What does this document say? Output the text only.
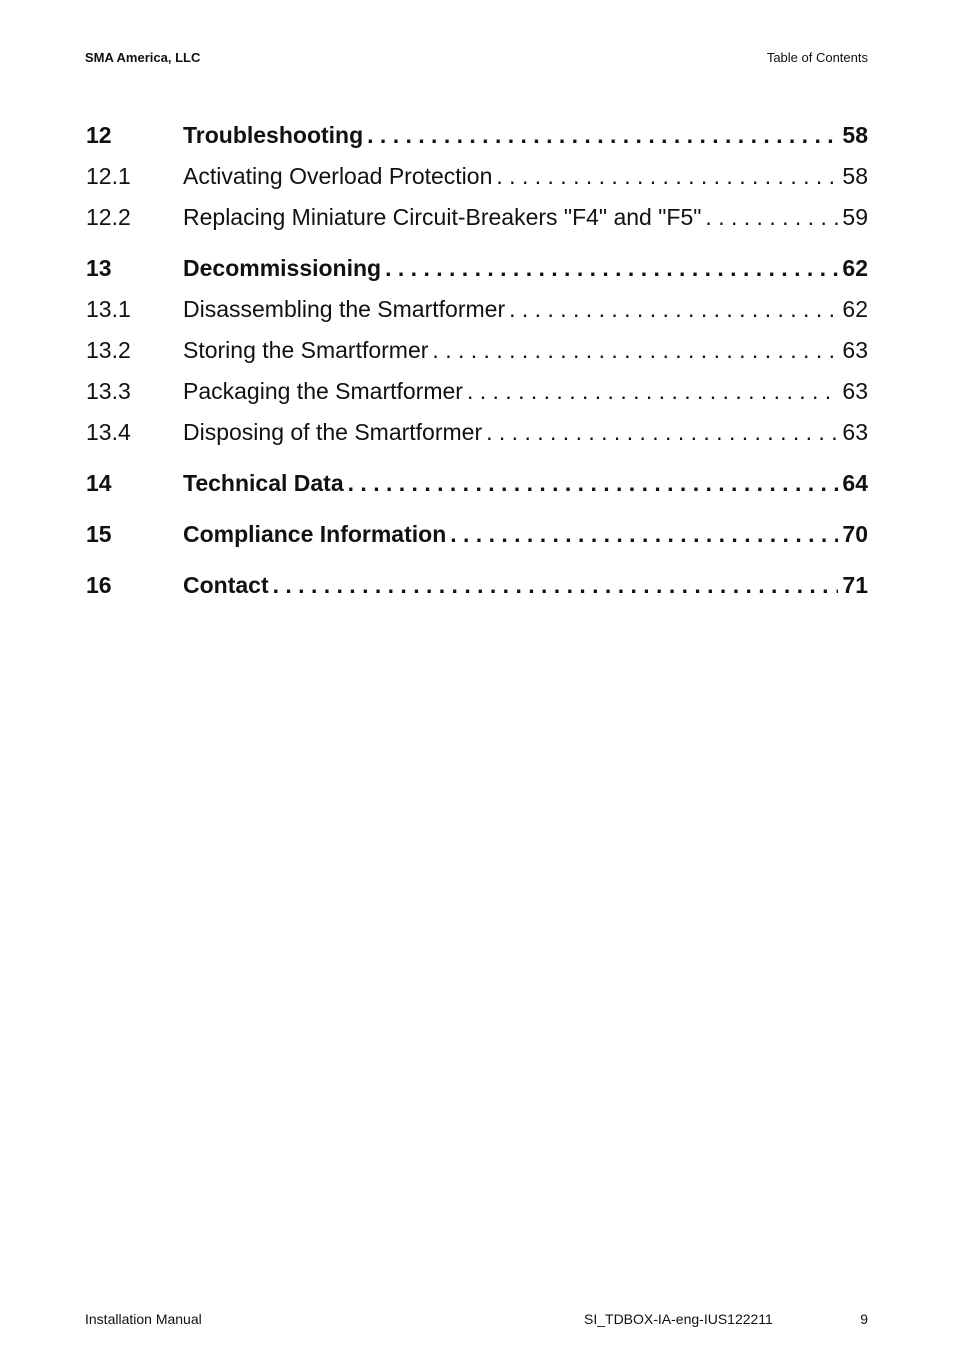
SMA America, LLC	Table of Contents
12	Troubleshooting . . .	58
12.1	Activating Overload Protection . . .	58
12.2	Replacing Miniature Circuit-Breakers "F4" and "F5" . . .	59
13	Decommissioning . . .	62
13.1	Disassembling the Smartformer . . .	62
13.2	Storing the Smartformer . . .	63
13.3	Packaging the Smartformer . . .	63
13.4	Disposing of the Smartformer . . .	63
14	Technical Data . . .	64
15	Compliance Information . . .	70
16	Contact . . .	71
Installation Manual	SI_TDBOX-IA-eng-IUS122211	9
